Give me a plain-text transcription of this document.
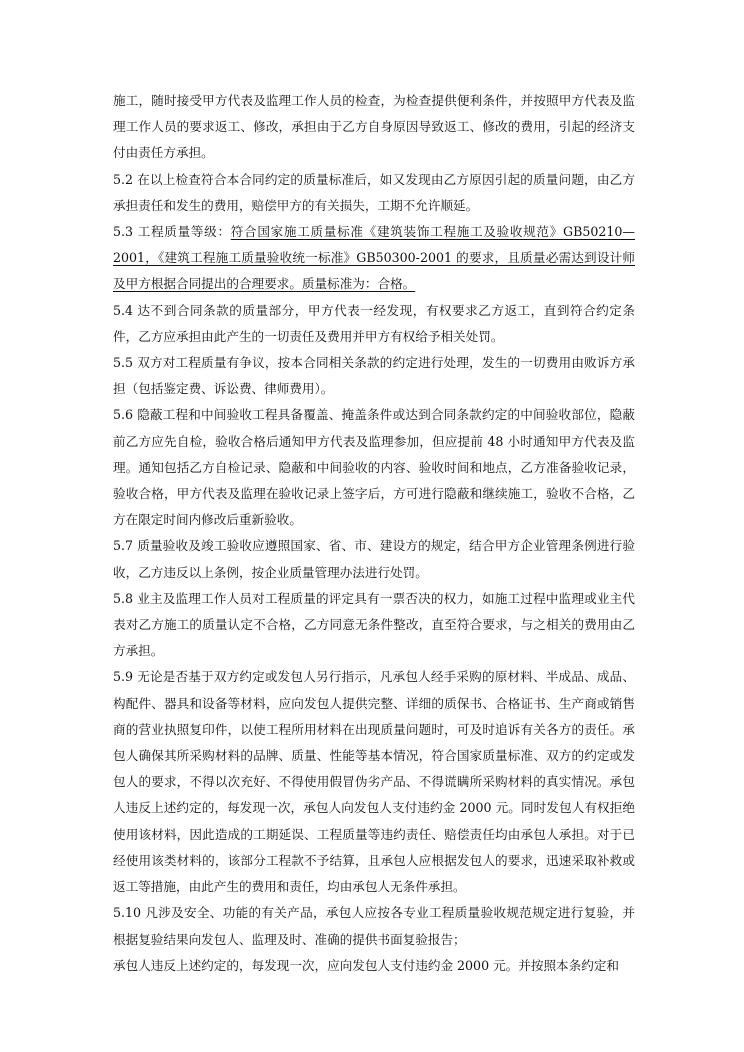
施工，随时接受甲方代表及监理工作人员的检查，为检查提供便利条件，并按照甲方代表及监理工作人员的要求返工、修改，承担由于乙方自身原因导致返工、修改的费用，引起的经济支付由责任方承担。

5.2 在以上检查符合本合同约定的质量标准后，如又发现由乙方原因引起的质量问题，由乙方承担责任和发生的费用，赔偿甲方的有关损失，工期不允许顺延。

5.3 工程质量等级：符合国家施工质量标准《建筑装饰工程施工及验收规范》GB50210—2001，《建筑工程施工质量验收统一标准》GB50300-2001 的要求，且质量必需达到设计师及甲方根据合同提出的合理要求。质量标准为：合格。

5.4 达不到合同条款的质量部分，甲方代表一经发现，有权要求乙方返工，直到符合约定条件，乙方应承担由此产生的一切责任及费用并甲方有权给予相关处罚。

5.5 双方对工程质量有争议，按本合同相关条款的约定进行处理，发生的一切费用由败诉方承担（包括鉴定费、诉讼费、律师费用）。

5.6 隐蔽工程和中间验收工程具备覆盖、掩盖条件或达到合同条款约定的中间验收部位，隐蔽前乙方应先自检，验收合格后通知甲方代表及监理参加，但应提前 48 小时通知甲方代表及监理。通知包括乙方自检记录、隐蔽和中间验收的内容、验收时间和地点，乙方准备验收记录，验收合格，甲方代表及监理在验收记录上签字后，方可进行隐蔽和继续施工，验收不合格，乙方在限定时间内修改后重新验收。

5.7 质量验收及竣工验收应遵照国家、省、市、建设方的规定，结合甲方企业管理条例进行验收，乙方违反以上条例，按企业质量管理办法进行处罚。

5.8 业主及监理工作人员对工程质量的评定具有一票否决的权力，如施工过程中监理或业主代表对乙方施工的质量认定不合格，乙方同意无条件整改，直至符合要求，与之相关的费用由乙方承担。

5.9 无论是否基于双方约定或发包人另行指示，凡承包人经手采购的原材料、半成品、成品、构配件、器具和设备等材料，应向发包人提供完整、详细的质保书、合格证书、生产商或销售商的营业执照复印件，以使工程所用材料在出现质量问题时，可及时追诉有关各方的责任。承包人确保其所采购材料的品牌、质量、性能等基本情况，符合国家质量标准、双方的约定或发包人的要求，不得以次充好、不得使用假冒伪劣产品、不得谎瞒所采购材料的真实情况。承包人违反上述约定的，每发现一次，承包人向发包人支付违约金 2000 元。同时发包人有权拒绝使用该材料，因此造成的工期延误、工程质量等违约责任、赔偿责任均由承包人承担。对于已经使用该类材料的，该部分工程款不予结算，且承包人应根据发包人的要求，迅速采取补救或返工等措施，由此产生的费用和责任，均由承包人无条件承担。

5.10 凡涉及安全、功能的有关产品，承包人应按各专业工程质量验收规范规定进行复验，并根据复验结果向发包人、监理及时、准确的提供书面复验报告；

承包人违反上述约定的，每发现一次，应向发包人支付违约金 2000 元。并按照本条约定和
